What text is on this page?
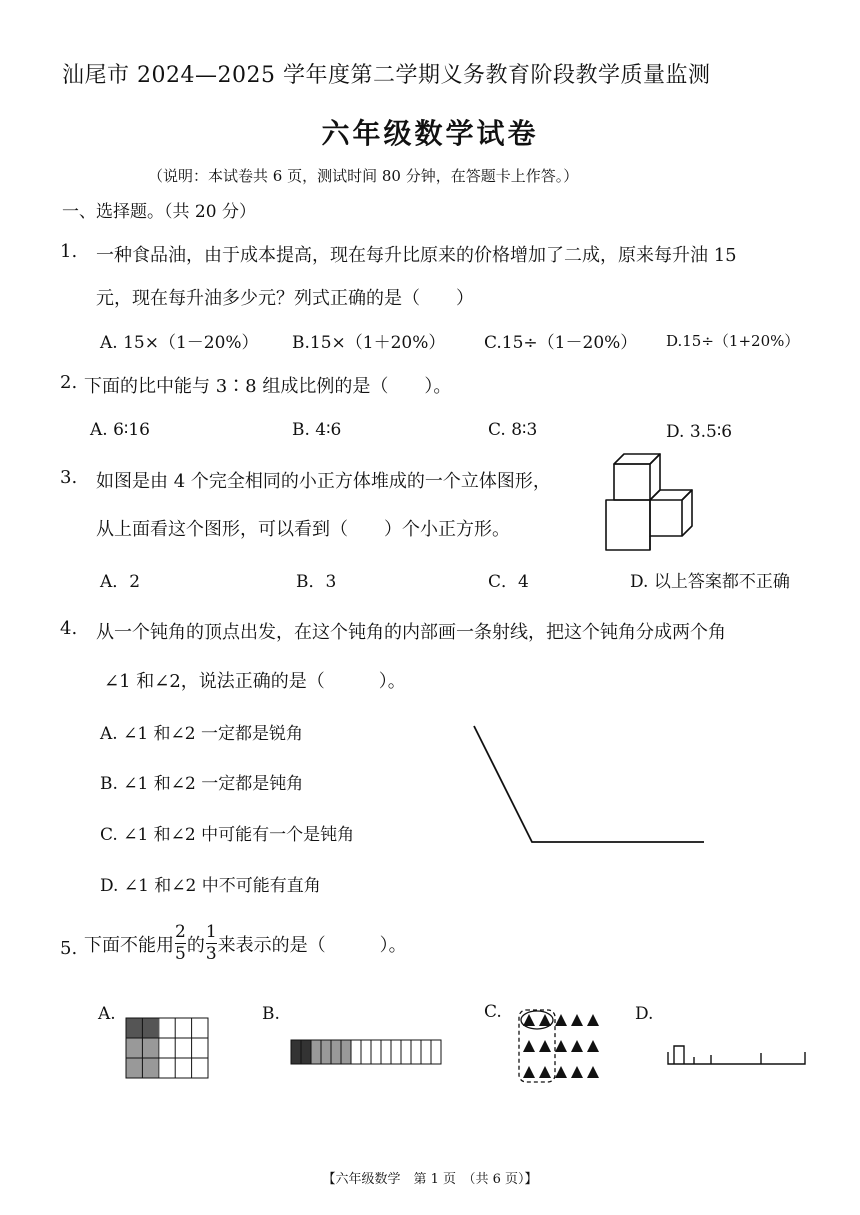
汕尾市 2024—2025 学年度第二学期义务教育阶段教学质量监测
六年级数学试卷
（说明：本试卷共 6 页，测试时间 80 分钟，在答题卡上作答。）
一、选择题。（共 20 分）
1. 一种食品油，由于成本提高，现在每升比原来的价格增加了二成，原来每升油 15
元，现在每升油多少元？列式正确的是（　　）
A. 15×（1－20%） B.15×（1＋20%） C.15÷（1－20%） D.15÷（1+20%）
2. 下面的比中能与 3∶8 组成比例的是（　　）。
A. 6∶16	B. 4∶6	C. 8∶3	D. 3.5∶6
3. 如图是由 4 个完全相同的小正方体堆成的一个立体图形，
从上面看这个图形，可以看到（　　）个小正方形。
A．2	B．3	C．4	D. 以上答案都不正确
4. 从一个钝角的顶点出发，在这个钝角的内部画一条射线，把这个钝角分成两个角
∠1 和∠2，说法正确的是（　　　）。
A. ∠1 和∠2 一定都是锐角
B. ∠1 和∠2 一定都是钝角
C. ∠1 和∠2 中可能有一个是钝角
D. ∠1 和∠2 中不可能有直角
5. 下面不能用 $\frac{2}{5}$ 的 $\frac{1}{3}$ 来表示的是（　　　）。
A.	B.	C.	D.
【六年级数学　第 1 页　（共 6 页）】
